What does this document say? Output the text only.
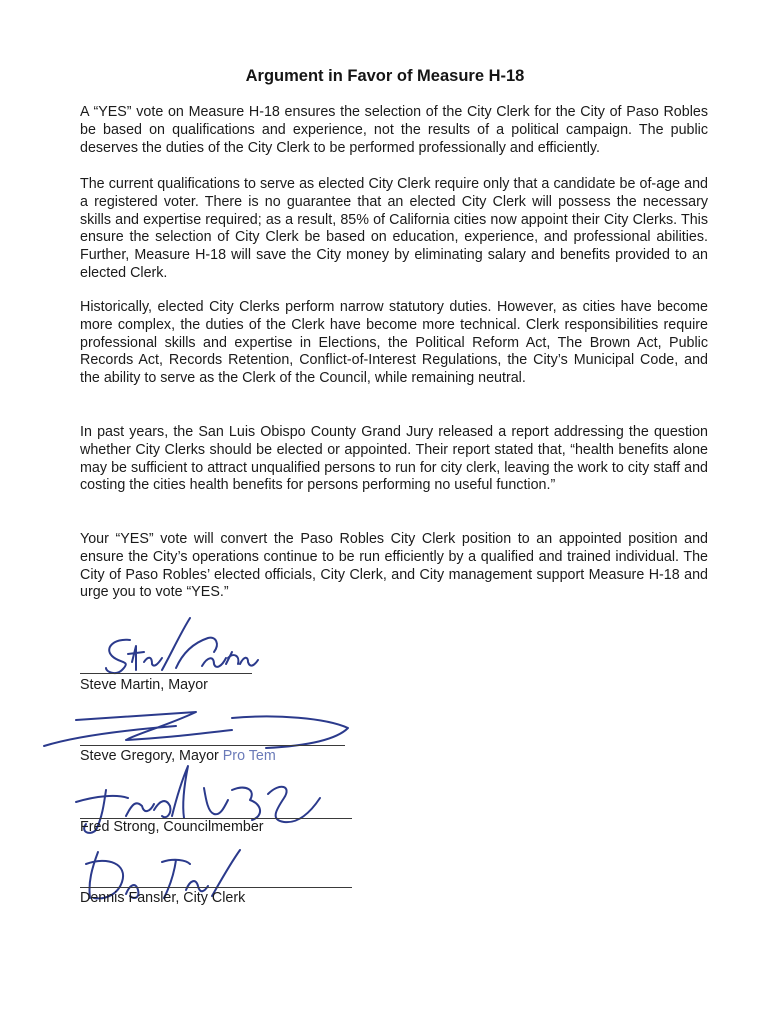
Argument in Favor of Measure H-18

A “YES” vote on Measure H-18 ensures the selection of the City Clerk for the City of Paso Robles be based on qualifications and experience, not the results of a political campaign. The public deserves the duties of the City Clerk to be performed professionally and efficiently.

The current qualifications to serve as elected City Clerk require only that a candidate be of-age and a registered voter. There is no guarantee that an elected City Clerk will possess the necessary skills and expertise required; as a result, 85% of California cities now appoint their City Clerks. This ensure the selection of City Clerk be based on education, experience, and professional abilities. Further, Measure H-18 will save the City money by eliminating salary and benefits provided to an elected Clerk.

Historically, elected City Clerks perform narrow statutory duties. However, as cities have become more complex, the duties of the Clerk have become more technical. Clerk responsibilities require professional skills and expertise in Elections, the Political Reform Act, The Brown Act, Public Records Act, Records Retention, Conflict-of-Interest Regulations, the City’s Municipal Code, and the ability to serve as the Clerk of the Council, while remaining neutral.

In past years, the San Luis Obispo County Grand Jury released a report addressing the question whether City Clerks should be elected or appointed. Their report stated that, “health benefits alone may be sufficient to attract unqualified persons to run for city clerk, leaving the work to city staff and costing the cities health benefits for persons performing no useful function.”

Your “YES” vote will convert the Paso Robles City Clerk position to an appointed position and ensure the City’s operations continue to be run efficiently by a qualified and trained individual. The City of Paso Robles’ elected officials, City Clerk, and City management support Measure H-18 and urge you to vote “YES.”

Steve Martin, Mayor
Steve Gregory, Mayor Pro Tem
Fred Strong, Councilmember
Dennis Fansler, City Clerk
